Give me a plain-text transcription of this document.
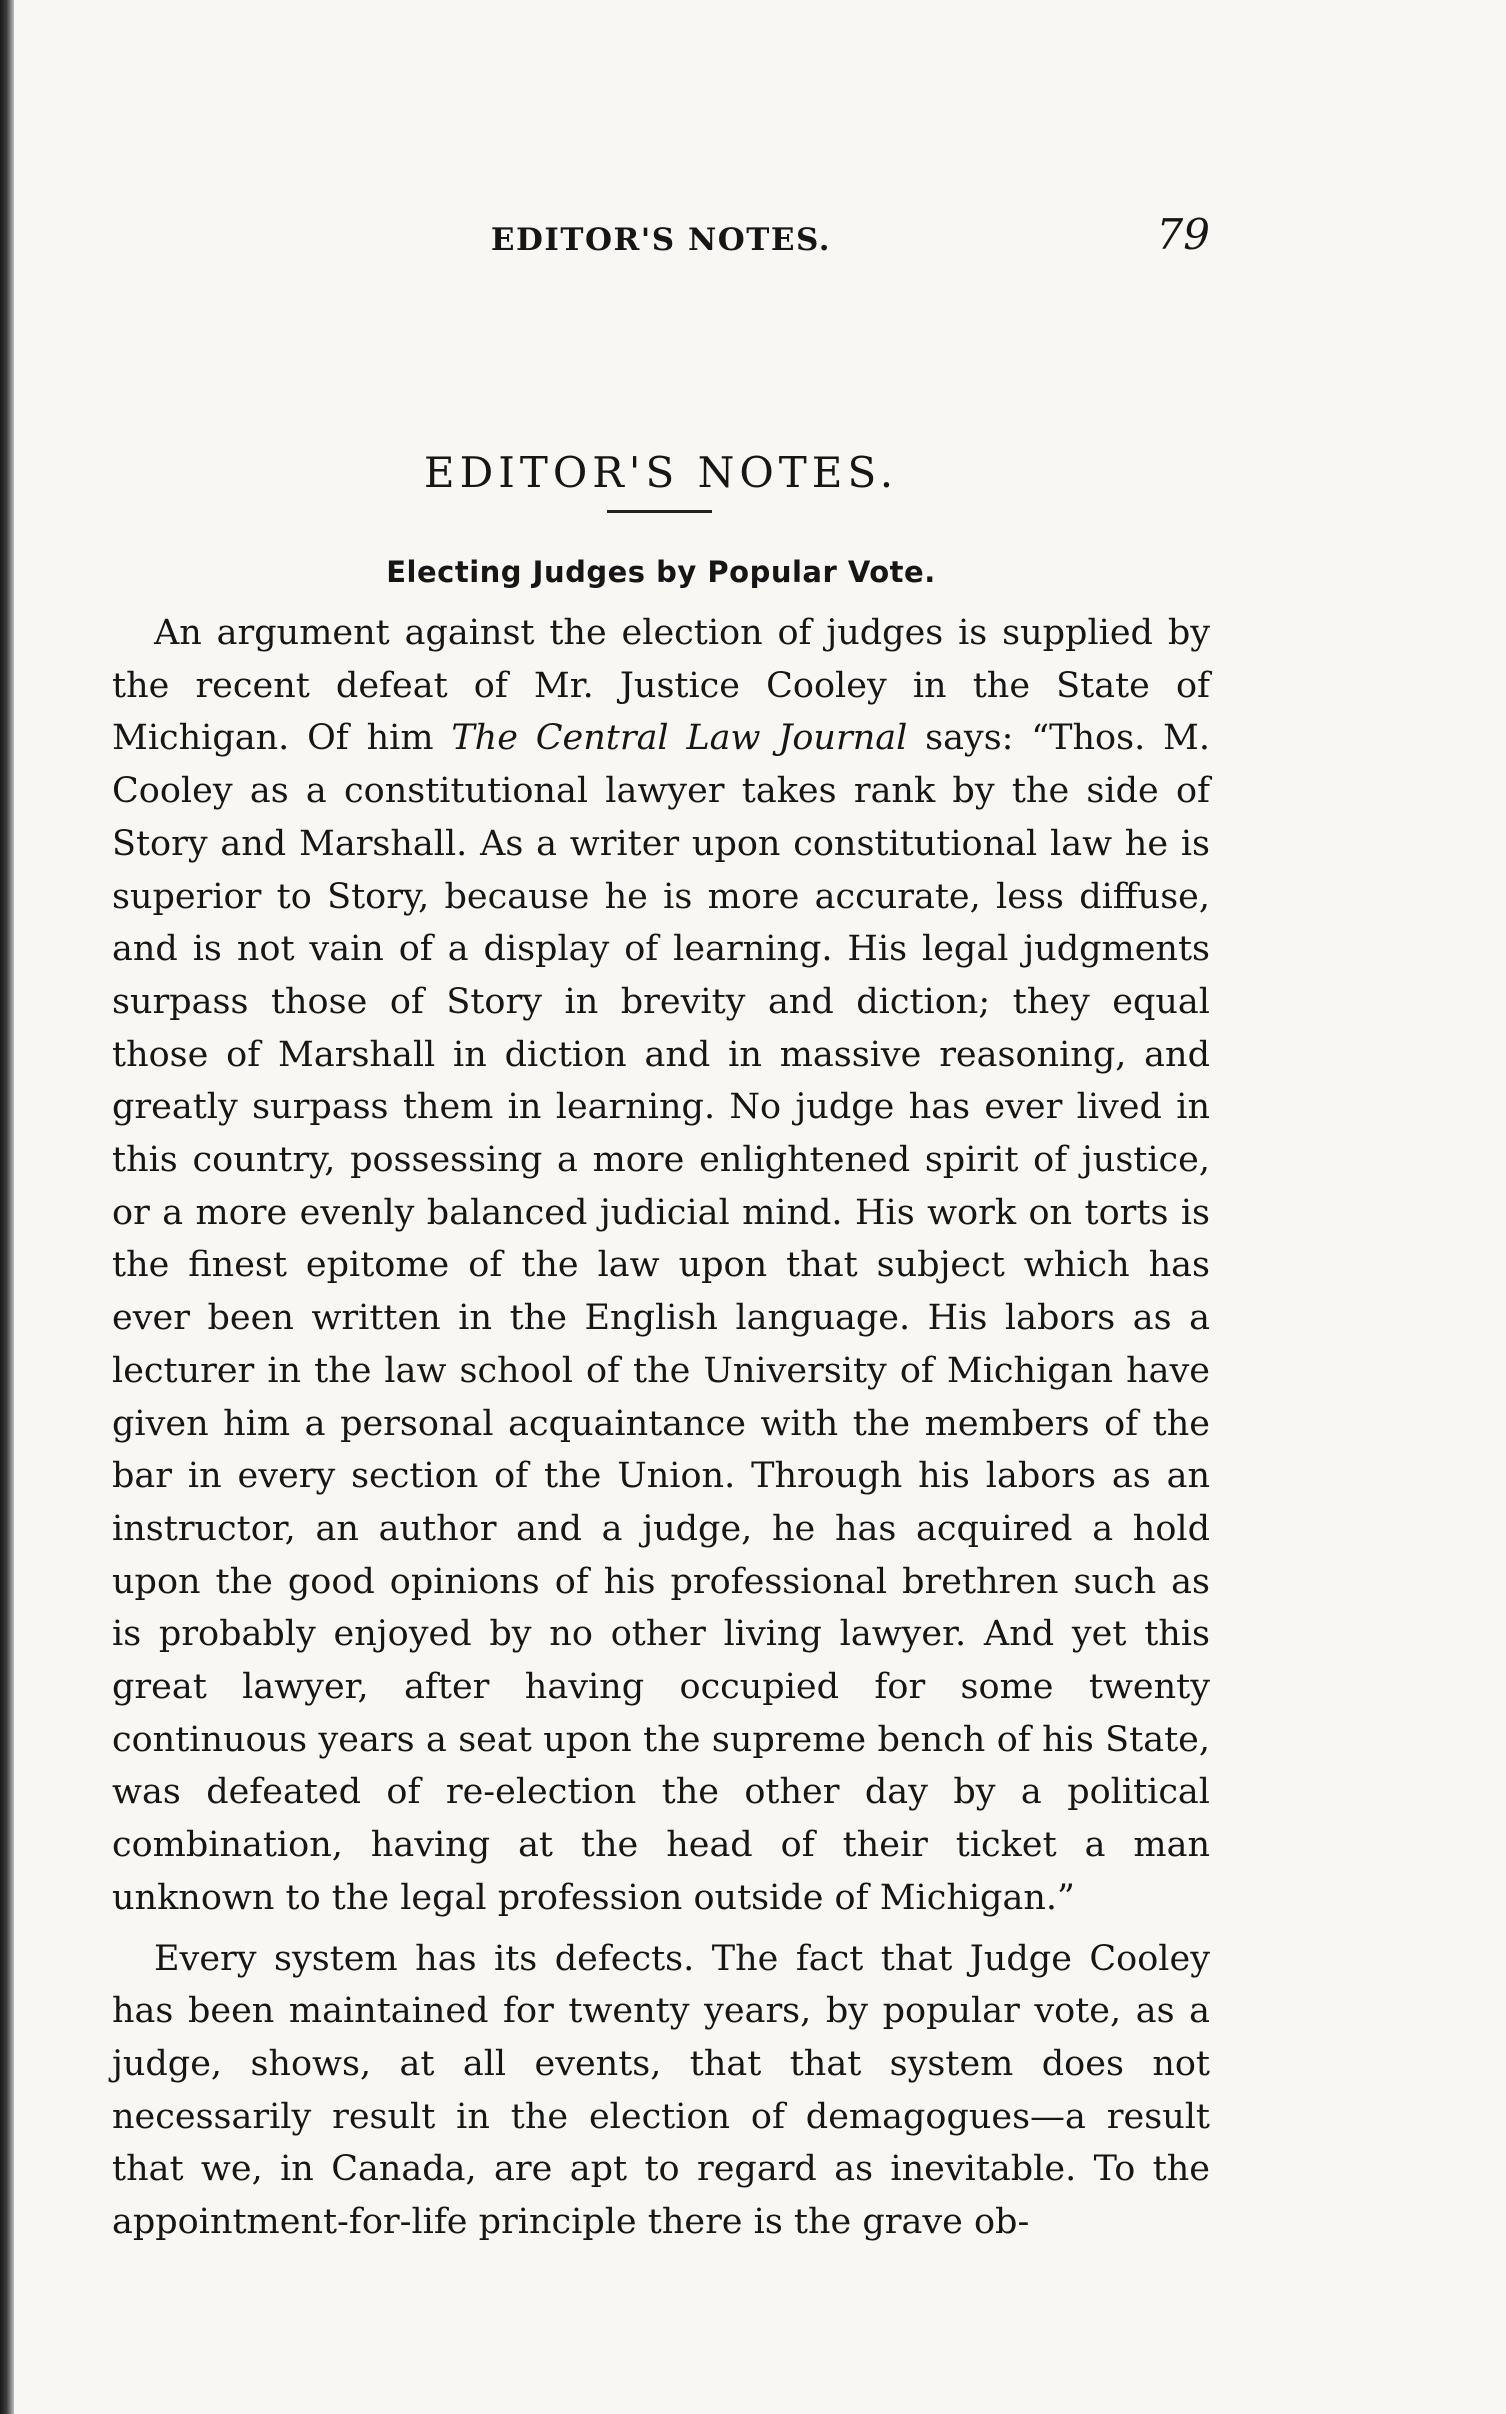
EDITOR'S NOTES.	79
EDITOR'S NOTES.
Electing Judges by Popular Vote.

An argument against the election of judges is supplied by the recent defeat of Mr. Justice Cooley in the State of Michigan. Of him The Central Law Journal says: “Thos. M. Cooley as a constitutional lawyer takes rank by the side of Story and Marshall. As a writer upon constitutional law he is superior to Story, because he is more accurate, less diffuse, and is not vain of a display of learning. His legal judgments surpass those of Story in brevity and diction; they equal those of Marshall in diction and in massive reasoning, and greatly surpass them in learning. No judge has ever lived in this country, possessing a more enlightened spirit of justice, or a more evenly balanced judicial mind. His work on torts is the finest epitome of the law upon that subject which has ever been written in the English language. His labors as a lecturer in the law school of the University of Michigan have given him a personal acquaintance with the members of the bar in every section of the Union. Through his labors as an instructor, an author and a judge, he has acquired a hold upon the good opinions of his professional brethren such as is probably enjoyed by no other living lawyer. And yet this great lawyer, after having occupied for some twenty continuous years a seat upon the supreme bench of his State, was defeated of re-election the other day by a political combination, having at the head of their ticket a man unknown to the legal profession outside of Michigan.”

Every system has its defects. The fact that Judge Cooley has been maintained for twenty years, by popular vote, as a judge, shows, at all events, that that system does not necessarily result in the election of demagogues—a result that we, in Canada, are apt to regard as inevitable. To the appointment-for-life principle there is the grave ob-
